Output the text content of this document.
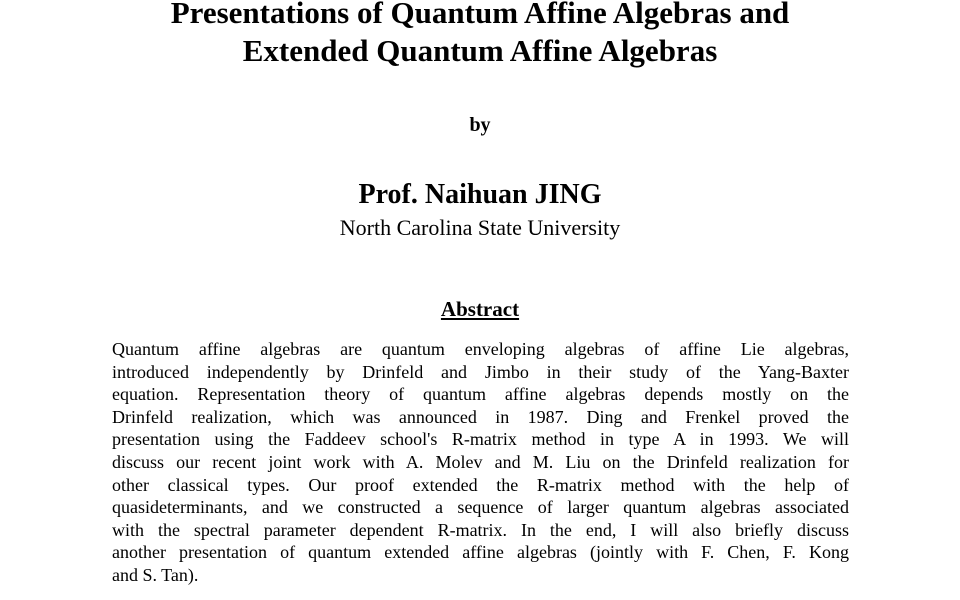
Presentations of Quantum Affine Algebras and
Extended Quantum Affine Algebras
by
Prof. Naihuan JING
North Carolina State University
Abstract
Quantum affine algebras are quantum enveloping algebras of affine Lie algebras,
introduced independently by Drinfeld and Jimbo in their study of the Yang-Baxter
equation. Representation theory of quantum affine algebras depends mostly on the
Drinfeld realization, which was announced in 1987. Ding and Frenkel proved the
presentation using the Faddeev school's R-matrix method in type A in 1993. We will
discuss our recent joint work with A. Molev and M. Liu on the Drinfeld realization for
other classical types. Our proof extended the R-matrix method with the help of
quasideterminants, and we constructed a sequence of larger quantum algebras associated
with the spectral parameter dependent R-matrix. In the end, I will also briefly discuss
another presentation of quantum extended affine algebras (jointly with F. Chen, F. Kong
and S. Tan).
